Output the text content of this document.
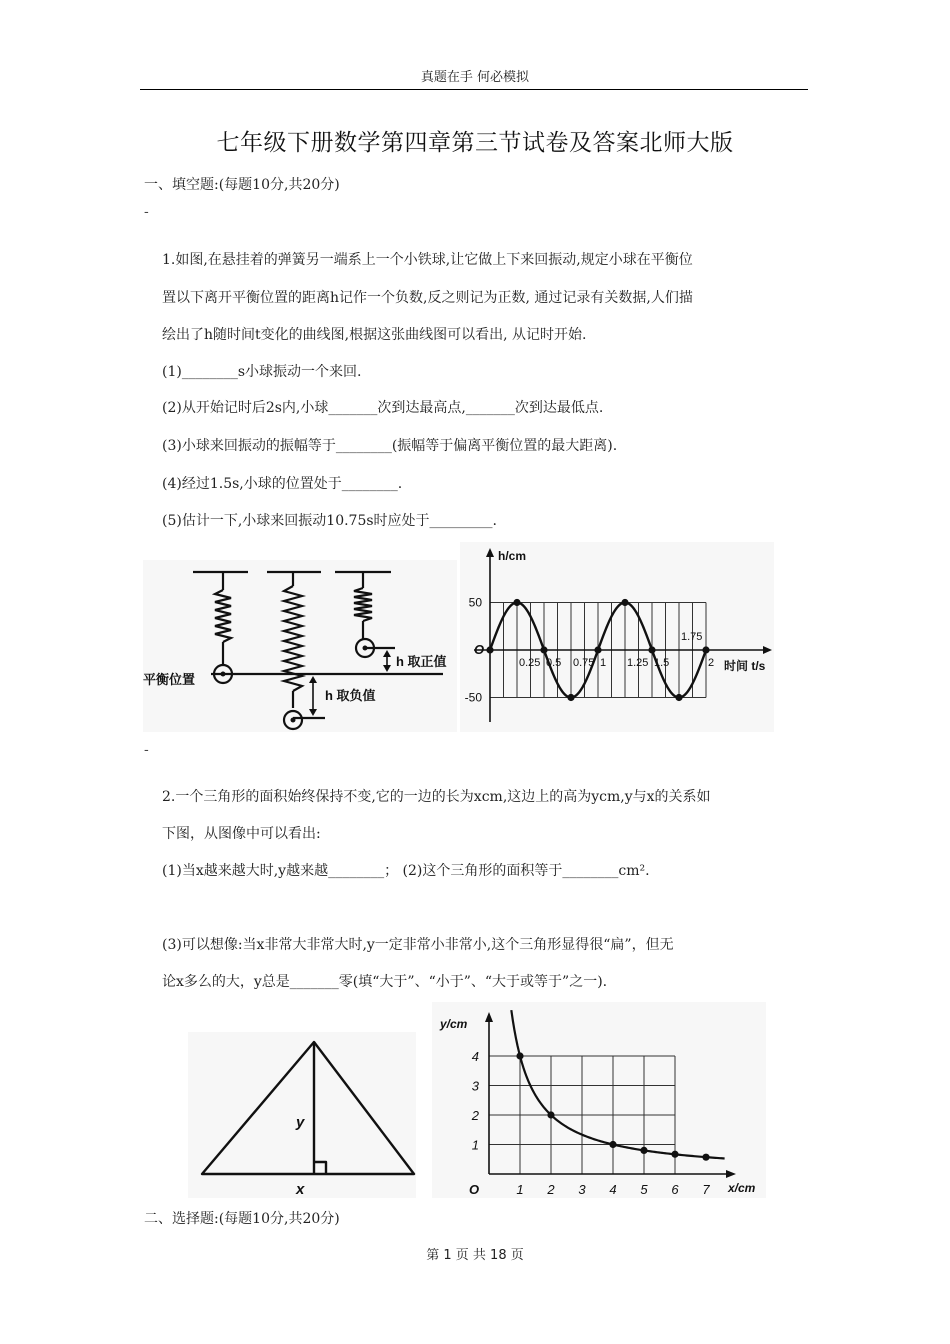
真题在手 何必模拟
七年级下册数学第四章第三节试卷及答案北师大版
一、填空题:(每题10分,共20分)
-
1.如图,在悬挂着的弹簧另一端系上一个小铁球,让它做上下来回振动,规定小球在平衡位
置以下离开平衡位置的距离h记作一个负数,反之则记为正数, 通过记录有关数据,人们描
绘出了h随时间t变化的曲线图,根据这张曲线图可以看出, 从记时开始.
(1)________s小球振动一个来回.
(2)从开始记时后2s内,小球_______次到达最高点,_______次到达最低点.
(3)小球来回振动的振幅等于________(振幅等于偏离平衡位置的最大距离).
(4)经过1.5s,小球的位置处于________.
(5)估计一下,小球来回振动10.75s时应处于_________.
平衡位置
h 取正值
h 取负值
0.25 0.5 0.75 1 1.25 1.5
1.75
2
50
-50
O
h/cm
时间 t/s
-
2.一个三角形的面积始终保持不变,它的一边的长为xcm,这边上的高为ycm,y与x的关系如
下图，从图像中可以看出:
(1)当x越来越大时,y越来越________； (2)这个三角形的面积等于________cm².
(3)可以想像:当x非常大非常大时,y一定非常小非常小,这个三角形显得很“扁”，但无
论x多么的大，y总是_______零(填“大于”、“小于”、“大于或等于”之一).
y
x	1 2 3 4 5 6 7
1
2
3
4
O
y/cm
x/cm
二、选择题:(每题10分,共20分)
第 1 页 共 18 页
